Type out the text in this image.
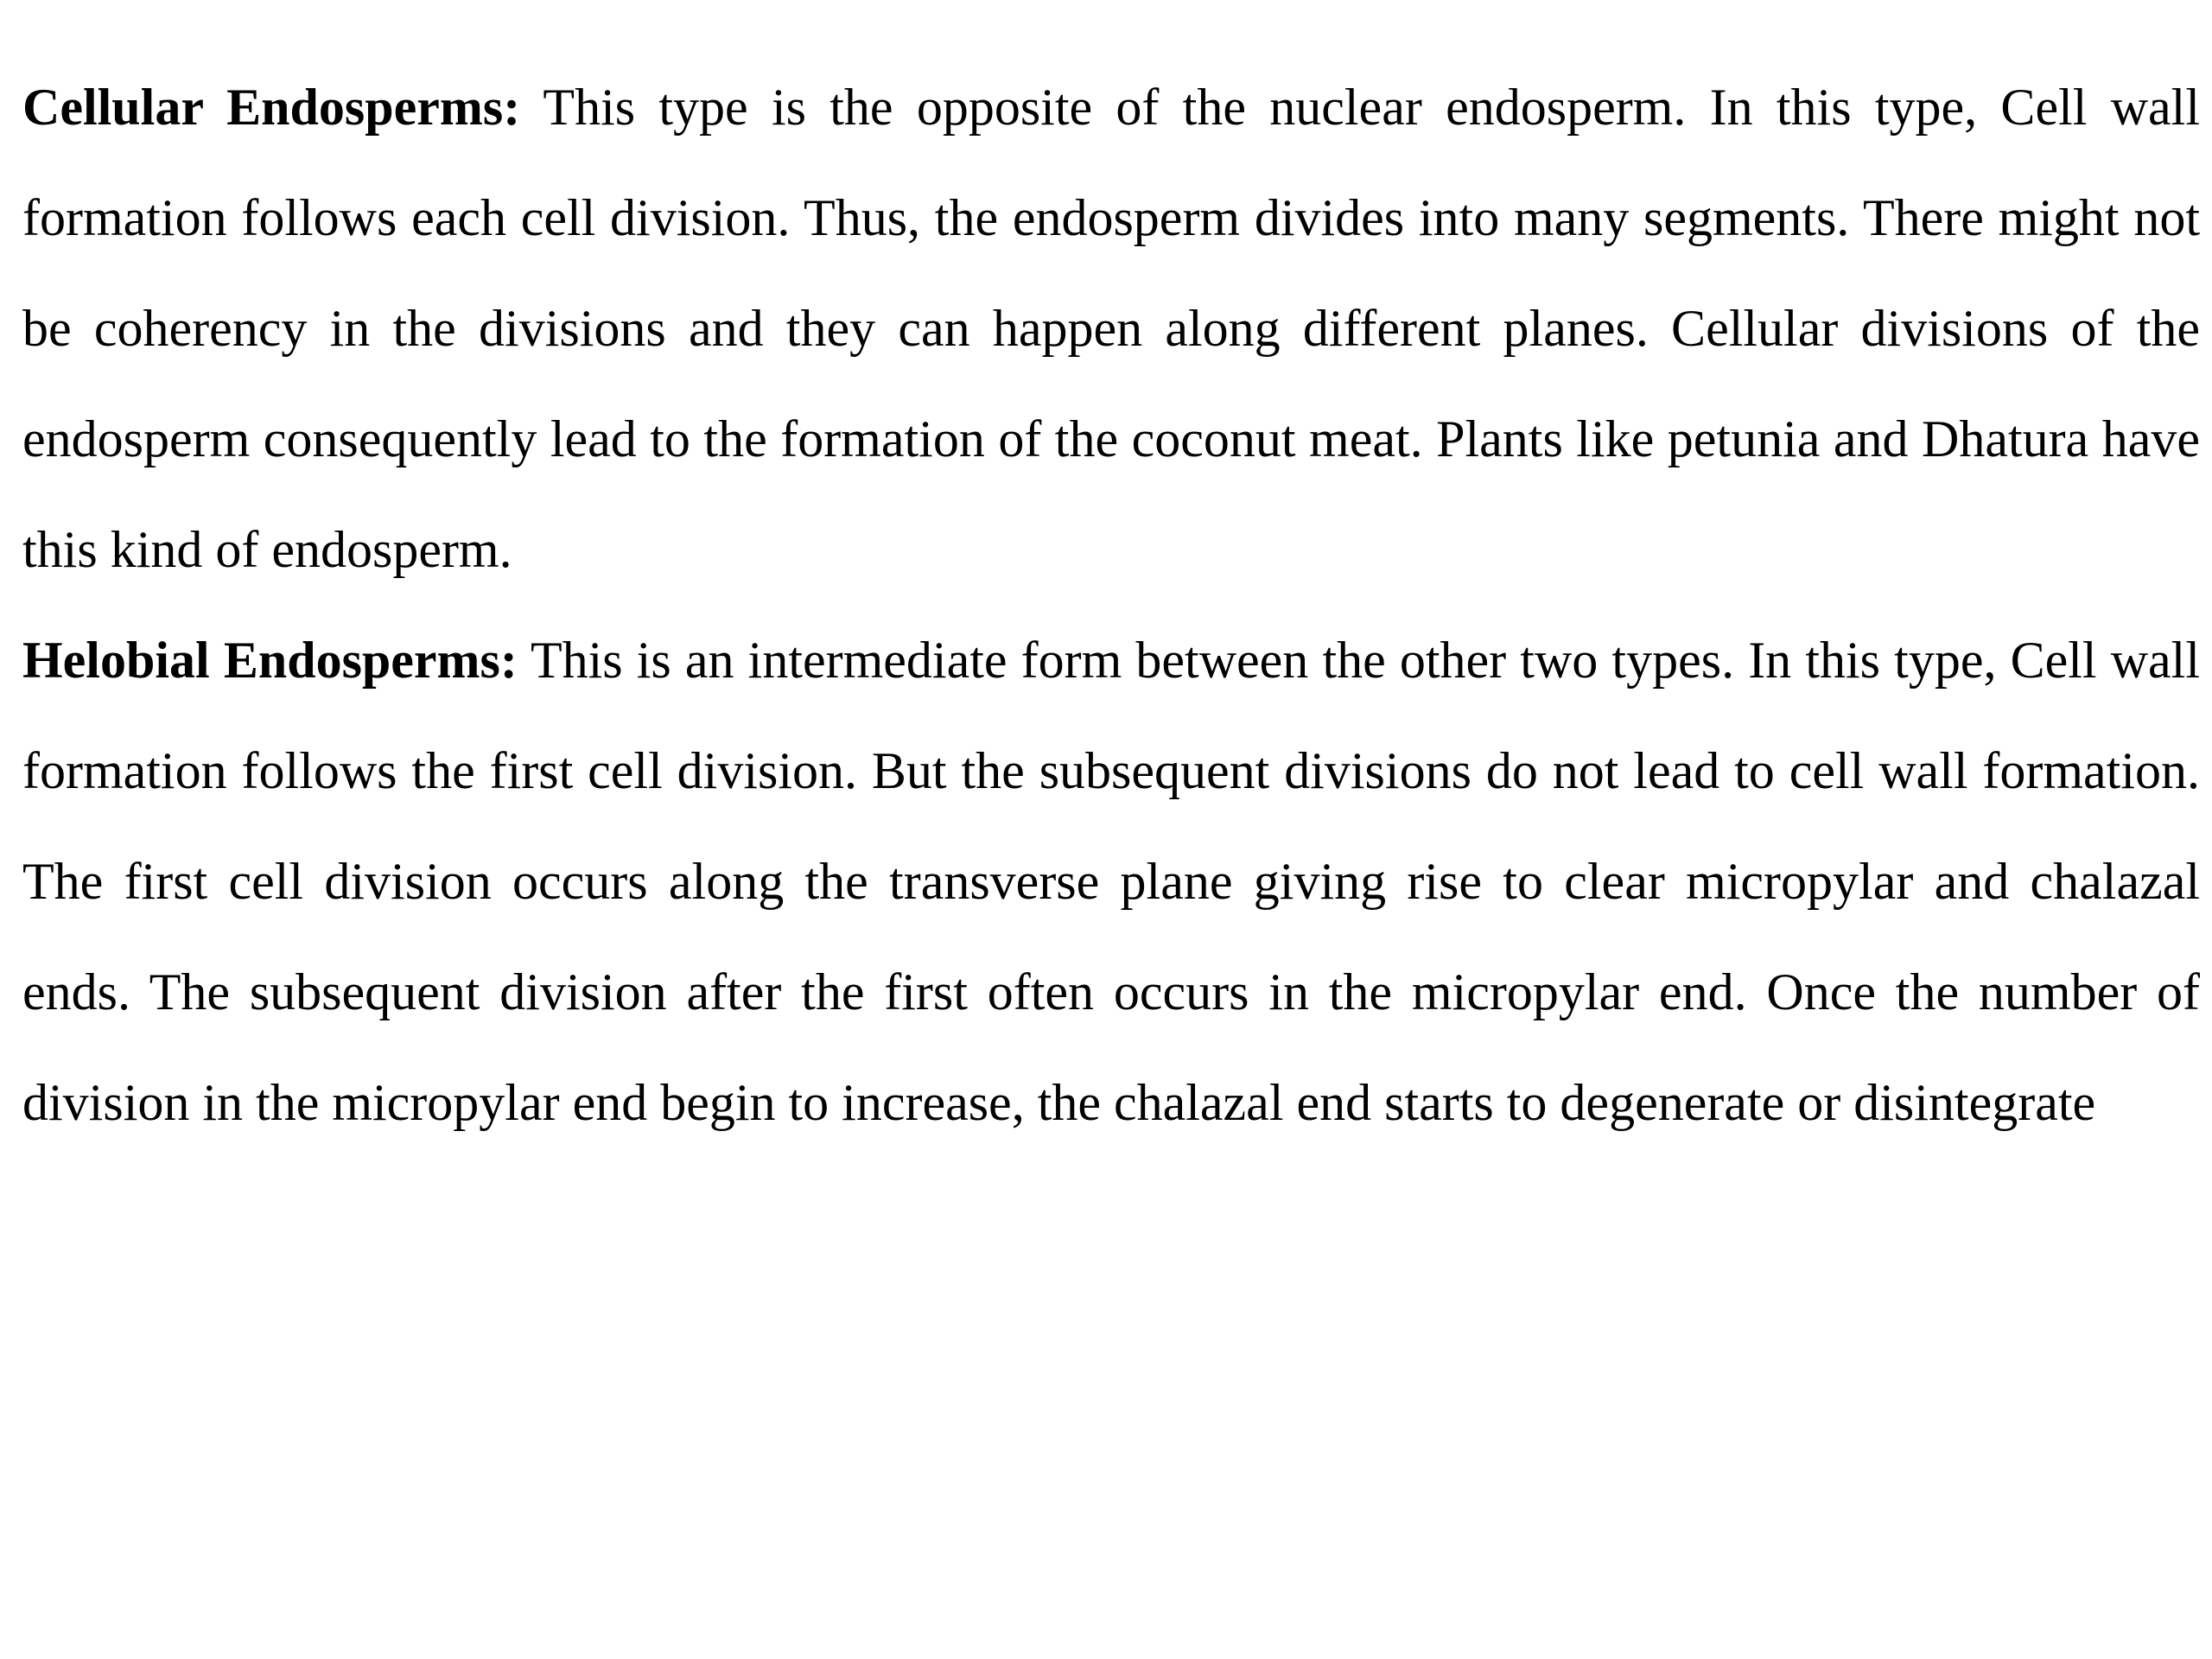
Cellular Endosperms: This type is the opposite of the nuclear endosperm. In this type, Cell wall formation follows each cell division. Thus, the endosperm divides into many segments. There might not be coherency in the divisions and they can happen along different planes. Cellular divisions of the endosperm consequently lead to the formation of the coconut meat. Plants like petunia and Dhatura have this kind of endosperm.

Helobial Endosperms: This is an intermediate form between the other two types. In this type, Cell wall formation follows the first cell division. But the subsequent divisions do not lead to cell wall formation. The first cell division occurs along the transverse plane giving rise to clear micropylar and chalazal ends. The subsequent division after the first often occurs in the micropylar end. Once the number of division in the micropylar end begin to increase, the chalazal end starts to degenerate or disintegrate
